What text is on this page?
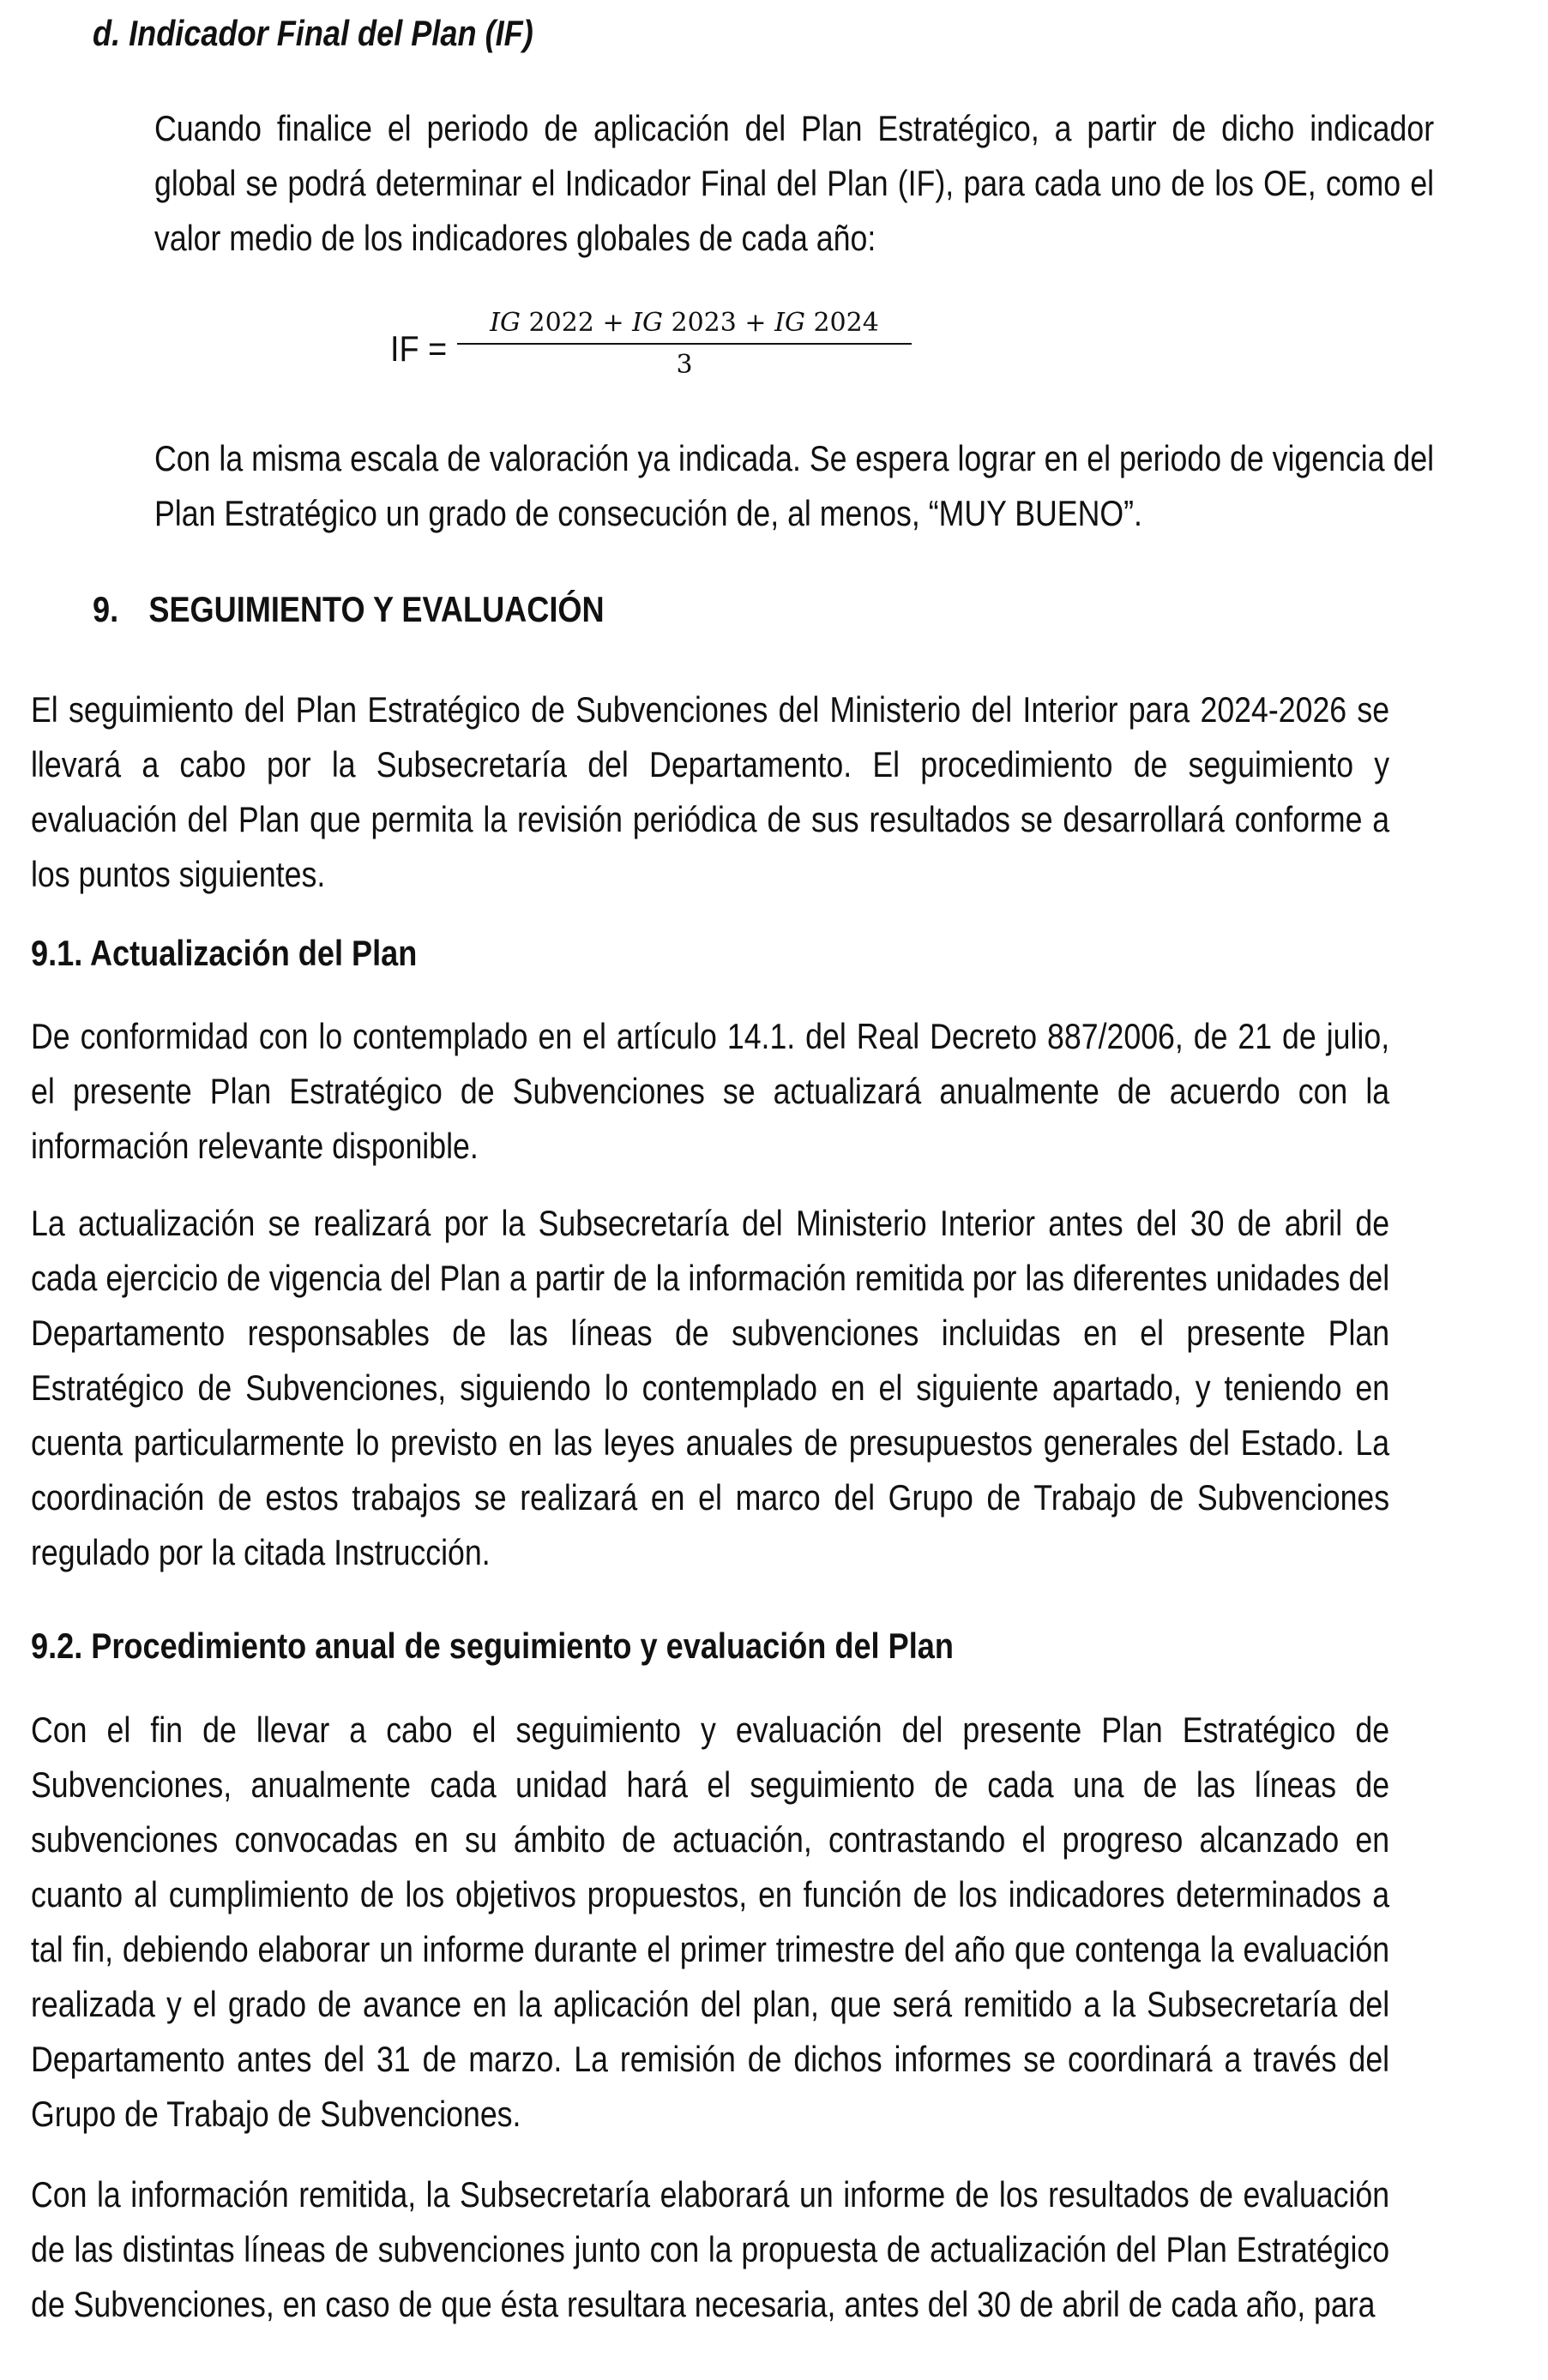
d. Indicador Final del Plan (IF)

Cuando finalice el periodo de aplicación del Plan Estratégico, a partir de dicho indicador global se podrá determinar el Indicador Final del Plan (IF), para cada uno de los OE, como el valor medio de los indicadores globales de cada año:

IF =
IG 2022 + IG 2023 + IG 2024
3

Con la misma escala de valoración ya indicada. Se espera lograr en el periodo de vigencia del Plan Estratégico un grado de consecución de, al menos, “MUY BUENO”.

9. SEGUIMIENTO Y EVALUACIÓN

El seguimiento del Plan Estratégico de Subvenciones del Ministerio del Interior para 2024-2026 se llevará a cabo por la Subsecretaría del Departamento. El procedimiento de seguimiento y evaluación del Plan que permita la revisión periódica de sus resultados se desarrollará conforme a los puntos siguientes.

9.1. Actualización del Plan

De conformidad con lo contemplado en el artículo 14.1. del Real Decreto 887/2006, de 21 de julio, el presente Plan Estratégico de Subvenciones se actualizará anualmente de acuerdo con la información relevante disponible.

La actualización se realizará por la Subsecretaría del Ministerio Interior antes del 30 de abril de cada ejercicio de vigencia del Plan a partir de la información remitida por las diferentes unidades del Departamento responsables de las líneas de subvenciones incluidas en el presente Plan Estratégico de Subvenciones, siguiendo lo contemplado en el siguiente apartado, y teniendo en cuenta particularmente lo previsto en las leyes anuales de presupuestos generales del Estado. La coordinación de estos trabajos se realizará en el marco del Grupo de Trabajo de Subvenciones regulado por la citada Instrucción.

9.2. Procedimiento anual de seguimiento y evaluación del Plan

Con el fin de llevar a cabo el seguimiento y evaluación del presente Plan Estratégico de Subvenciones, anualmente cada unidad hará el seguimiento de cada una de las líneas de subvenciones convocadas en su ámbito de actuación, contrastando el progreso alcanzado en cuanto al cumplimiento de los objetivos propuestos, en función de los indicadores determinados a tal fin, debiendo elaborar un informe durante el primer trimestre del año que contenga la evaluación realizada y el grado de avance en la aplicación del plan, que será remitido a la Subsecretaría del Departamento antes del 31 de marzo. La remisión de dichos informes se coordinará a través del Grupo de Trabajo de Subvenciones.

Con la información remitida, la Subsecretaría elaborará un informe de los resultados de evaluación de las distintas líneas de subvenciones junto con la propuesta de actualización del Plan Estratégico de Subvenciones, en caso de que ésta resultara necesaria, antes del 30 de abril de cada año, para
